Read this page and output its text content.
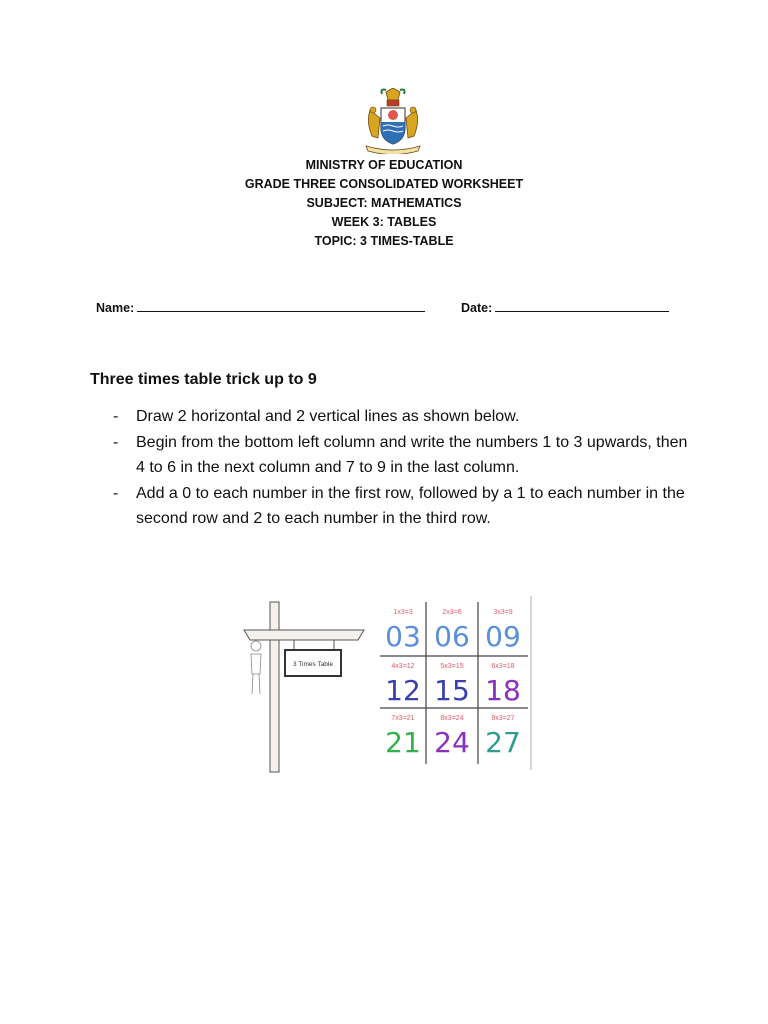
MINISTRY OF EDUCATION
GRADE THREE CONSOLIDATED WORKSHEET
SUBJECT: MATHEMATICS
WEEK 3: TABLES
TOPIC: 3 TIMES-TABLE
Name:	Date:
Three times table trick up to 9
- Draw 2 horizontal and 2 vertical lines as shown below.
- Begin from the bottom left column and write the numbers 1 to 3 upwards, then 4 to 6 in the next column and 7 to 9 in the last column.
- Add a 0 to each number in the first row, followed by a 1 to each number in the second row and 2 to each number in the third row.
3 Times Table
1x3=3
03
2x3=6
06
3x3=9
09
4x3=12
12
5x3=15
15
6x3=18
18
7x3=21
21
8x3=24
24
9x3=27
27
